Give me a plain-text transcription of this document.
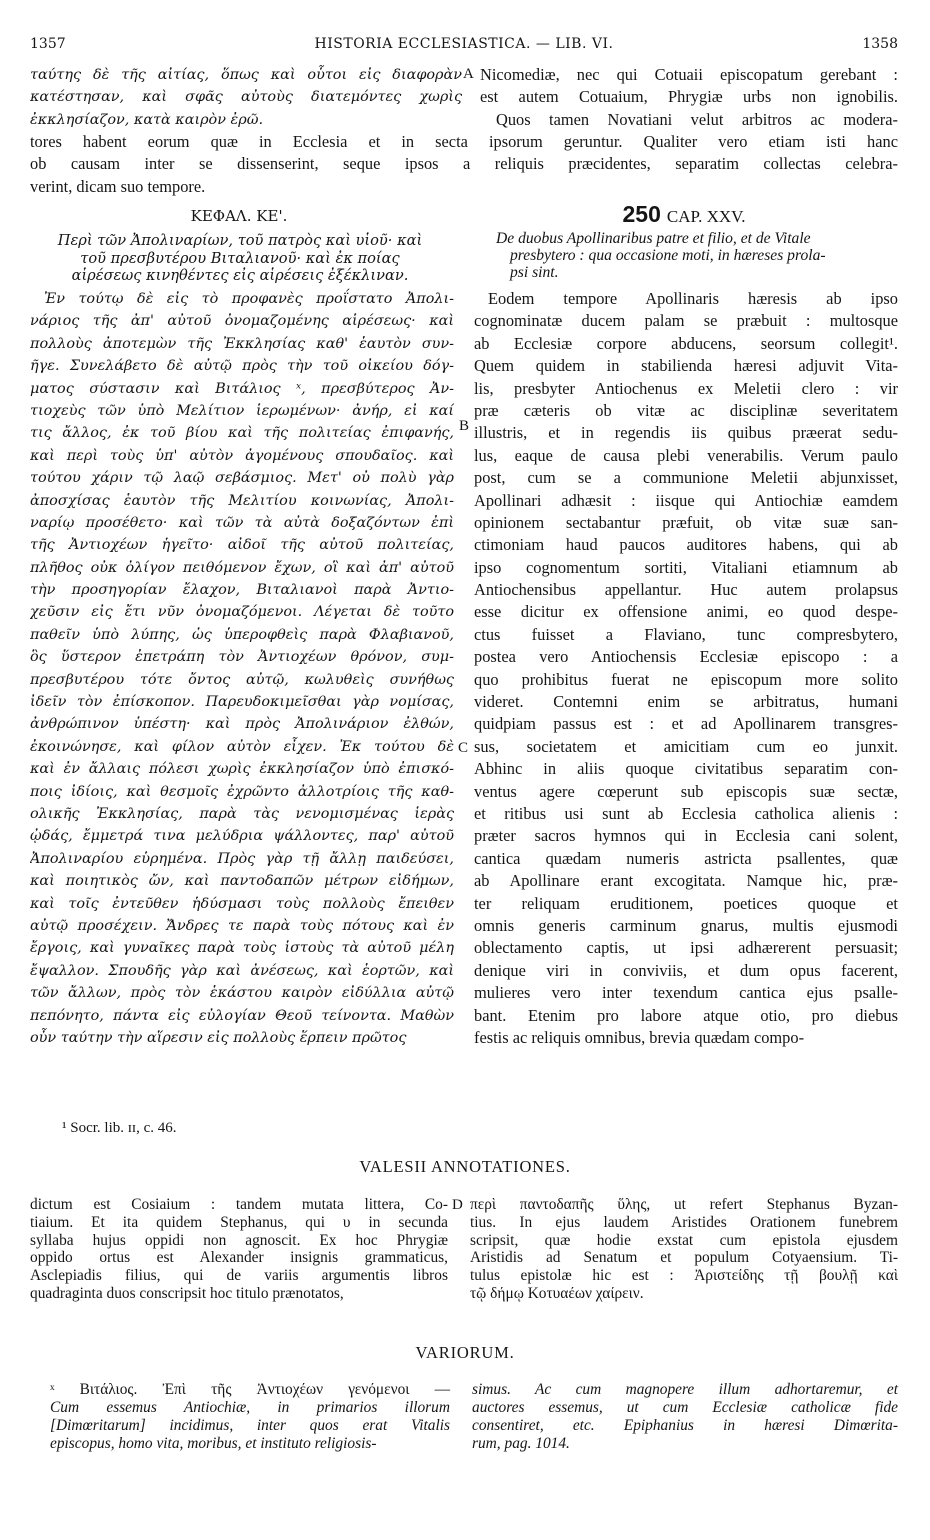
1357	HISTORIA ECCLESIASTICA. — LIB. VI.	1358
ταύτης δὲ τῆς αἰτίας, ὅπως καὶ οὗτοι εἰς διαφορὰν
κατέστησαν, καὶ σφᾶς αὐτοὺς διατεμόντες χωρὶς
ἐκκλησίαζον, κατὰ καιρὸν ἐρῶ.
A Nicomediæ, nec qui Cotuaii episcopatum gerebant :
est autem Cotuaium, Phrygiæ urbs non ignobilis.
Quos tamen Novatiani velut arbitros ac modera-
tores habent eorum quæ in Ecclesia et in secta ipsorum geruntur. Qualiter vero etiam isti hanc
ob causam inter se dissenserint, seque ipsos a reliquis præcidentes, separatim collectas celebra-
verint, dicam suo tempore.
ΚΕΦΑΛ. ΚΕ'.	250 CAP. XXV.
Περὶ τῶν Ἀπολιναρίων, τοῦ πατρὸς καὶ υἱοῦ· καὶ
τοῦ πρεσβυτέρου Βιταλιανοῦ· καὶ ἐκ ποίας
αἱρέσεως κινηθέντες εἰς αἱρέσεις ἐξέκλιναν.
De duobus Apollinaribus patre et filio, et de Vitale
presbytero : qua occasione moti, in hæreses prola-
psi sint.
Ἐν τούτῳ δὲ εἰς τὸ προφανὲς προΐστατο Ἀπολι-
νάριος τῆς ἀπ' αὐτοῦ ὀνομαζομένης αἱρέσεως· καὶ
πολλοὺς ἀποτεμὼν τῆς Ἐκκλησίας καθ' ἑαυτὸν συν-
ῆγε. Συνελάβετο δὲ αὐτῷ πρὸς τὴν τοῦ οἰκείου δόγ-
ματος σύστασιν καὶ Βιτάλιος ˣ, πρεσβύτερος Ἀν-
τιοχεὺς τῶν ὑπὸ Μελίτιον ἱερωμένων· ἀνήρ, εἰ καί
τις ἄλλος, ἐκ τοῦ βίου καὶ τῆς πολιτείας ἐπιφανής,
καὶ περὶ τοὺς ὑπ' αὐτὸν ἀγομένους σπουδαῖος. καὶ
τούτου χάριν τῷ λαῷ σεβάσμιος. Μετ' οὐ πολὺ γὰρ
ἀποσχίσας ἑαυτὸν τῆς Μελιτίου κοινωνίας, Ἀπολι-
ναρίῳ προσέθετο· καὶ τῶν τὰ αὐτὰ δοξαζόντων ἐπὶ
τῆς Ἀντιοχέων ἡγεῖτο· αἰδοῖ τῆς αὐτοῦ πολιτείας,
πλῆθος οὐκ ὀλίγον πειθόμενον ἔχων, οἳ καὶ ἀπ' αὐτοῦ
τὴν προσηγορίαν ἔλαχον, Βιταλιανοὶ παρὰ Ἀντιο-
χεῦσιν εἰς ἔτι νῦν ὀνομαζόμενοι. Λέγεται δὲ τοῦτο
παθεῖν ὑπὸ λύπης, ὡς ὑπεροφθεὶς παρὰ Φλαβιανοῦ,
ὃς ὕστερον ἐπετράπη τὸν Ἀντιοχέων θρόνον, συμ-
πρεσβυτέρου τότε ὄντος αὐτῷ, κωλυθεὶς συνήθως
ἰδεῖν τὸν ἐπίσκοπον. Παρευδοκιμεῖσθαι γὰρ νομίσας,
ἀνθρώπινον ὑπέστη· καὶ πρὸς Ἀπολινάριον ἐλθών,
ἐκοινώνησε, καὶ φίλον αὐτὸν εἶχεν. Ἐκ τούτου δὲ
καὶ ἐν ἄλλαις πόλεσι χωρὶς ἐκκλησίαζον ὑπὸ ἐπισκό-
ποις ἰδίοις, καὶ θεσμοῖς ἐχρῶντο ἀλλοτρίοις τῆς καθ-
ολικῆς Ἐκκλησίας, παρὰ τὰς νενομισμένας ἱερὰς
ᾠδάς, ἔμμετρά τινα μελύδρια ψάλλοντες, παρ' αὐτοῦ
Ἀπολιναρίου εὑρημένα. Πρὸς γὰρ τῇ ἄλλῃ παιδεύσει,
καὶ ποιητικὸς ὤν, καὶ παντοδαπῶν μέτρων εἰδήμων,
καὶ τοῖς ἐντεῦθεν ἡδύσμασι τοὺς πολλοὺς ἔπειθεν
αὐτῷ προσέχειν. Ἄνδρες τε παρὰ τοὺς πότους καὶ ἐν
ἔργοις, καὶ γυναῖκες παρὰ τοὺς ἱστοὺς τὰ αὐτοῦ μέλη
ἔψαλλον. Σπουδῆς γὰρ καὶ ἀνέσεως, καὶ ἑορτῶν, καὶ
τῶν ἄλλων, πρὸς τὸν ἑκάστου καιρὸν εἰδύλλια αὐτῷ
πεπόνητο, πάντα εἰς εὐλογίαν Θεοῦ τείνοντα. Μαθὼν
οὖν ταύτην τὴν αἵρεσιν εἰς πολλοὺς ἕρπειν πρῶτος
B
C
Eodem tempore Apollinaris hæresis ab ipso
cognominatæ ducem palam se præbuit : multosque
ab Ecclesiæ corpore abducens, seorsum collegit¹.
Quem quidem in stabilienda hæresi adjuvit Vita-
lis, presbyter Antiochenus ex Meletii clero : vir
præ cæteris ob vitæ ac disciplinæ severitatem
illustris, et in regendis iis quibus præerat sedu-
lus, eaque de causa plebi venerabilis. Verum paulo
post, cum se a communione Meletii abjunxisset,
Apollinari adhæsit : iisque qui Antiochiæ eamdem
opinionem sectabantur præfuit, ob vitæ suæ san-
ctimoniam haud paucos auditores habens, qui ab
ipso cognomentum sortiti, Vitaliani etiamnum ab
Antiochensibus appellantur. Huc autem prolapsus
esse dicitur ex offensione animi, eo quod despe-
ctus fuisset a Flaviano, tunc compresbytero,
postea vero Antiochensis Ecclesiæ episcopo : a
quo prohibitus fuerat ne episcopum more solito
videret. Contemni enim se arbitratus, humani
quidpiam passus est : et ad Apollinarem transgres-
sus, societatem et amicitiam cum eo junxit.
Abhinc in aliis quoque civitatibus separatim con-
ventus agere cœperunt sub episcopis suæ sectæ,
et ritibus usi sunt ab Ecclesia catholica alienis :
præter sacros hymnos qui in Ecclesia cani solent,
cantica quædam numeris astricta psallentes, quæ
ab Apollinare erant excogitata. Namque hic, præ-
ter reliquam eruditionem, poetices quoque et
omnis generis carminum gnarus, multis ejusmodi
oblectamento captis, ut ipsi adhærerent persuasit;
denique viri in conviviis, et dum opus facerent,
mulieres vero inter texendum cantica ejus psalle-
bant. Etenim pro labore atque otio, pro diebus
festis ac reliquis omnibus, brevia quædam compo-
¹ Socr. lib. ɪɪ, c. 46.
VALESII ANNOTATIONES.
dictum est Cosiaium : tandem mutata littera, Co-
tiaium. Et ita quidem Stephanus, qui υ in secunda
syllaba hujus oppidi non agnoscit. Ex hoc Phrygiæ
oppido ortus est Alexander insignis grammaticus,
Asclepiadis filius, qui de variis argumentis libros
quadraginta duos conscripsit hoc titulo prænotatos,
D περὶ παντοδαπῆς ὕλης, ut refert Stephanus Byzan-
tius. In ejus laudem Aristides Orationem funebrem
scripsit, quæ hodie exstat cum epistola ejusdem
Aristidis ad Senatum et populum Cotyaensium. Ti-
tulus epistolæ hic est : Ἀριστείδης τῇ βουλῇ καὶ
τῷ δήμῳ Κοτυαέων χαίρειν.
VARIORUM.
ˣ Βιτάλιος. Ἐπὶ τῆς Ἀντιοχέων γενόμενοι —
Cum essemus Antiochiæ, in primarios illorum
[Dimœritarum] incidimus, inter quos erat Vitalis
episcopus, homo vita, moribus, et instituto religiosis-
simus. Ac cum magnopere illum adhortaremur, et
auctores essemus, ut cum Ecclesiæ catholicæ fide
consentiret, etc. Epiphanius in hæresi Dimœrita-
rum, pag. 1014.
